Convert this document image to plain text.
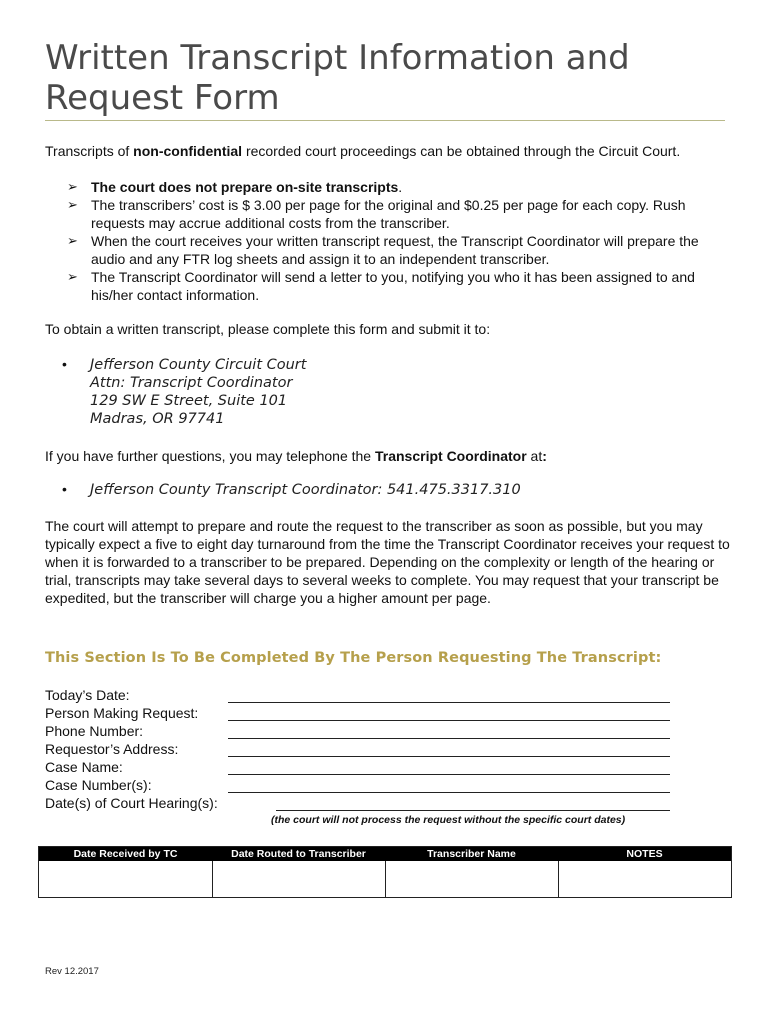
Written Transcript Information and Request Form

Transcripts of non-confidential recorded court proceedings can be obtained through the Circuit Court.

➢ The court does not prepare on-site transcripts.
➢ The transcribers’ cost is $ 3.00 per page for the original and $0.25 per page for each copy. Rush requests may accrue additional costs from the transcriber.
➢ When the court receives your written transcript request, the Transcript Coordinator will prepare the audio and any FTR log sheets and assign it to an independent transcriber.
➢ The Transcript Coordinator will send a letter to you, notifying you who it has been assigned to and his/her contact information.

To obtain a written transcript, please complete this form and submit it to:

• Jefferson County Circuit Court
Attn: Transcript Coordinator
129 SW E Street, Suite 101
Madras, OR 97741

If you have further questions, you may telephone the Transcript Coordinator at:

• Jefferson County Transcript Coordinator: 541.475.3317.310

The court will attempt to prepare and route the request to the transcriber as soon as possible, but you may typically expect a five to eight day turnaround from the time the Transcript Coordinator receives your request to when it is forwarded to a transcriber to be prepared. Depending on the complexity or length of the hearing or trial, transcripts may take several days to several weeks to complete. You may request that your transcript be expedited, but the transcriber will charge you a higher amount per page.

This Section Is To Be Completed By The Person Requesting The Transcript:
Today’s Date:
Person Making Request:
Phone Number:
Requestor’s Address:
Case Name:
Case Number(s):
Date(s) of Court Hearing(s):
(the court will not process the request without the specific court dates)
Date Received by TC	Date Routed to Transcriber	Transcriber Name	NOTES
Rev 12.2017
